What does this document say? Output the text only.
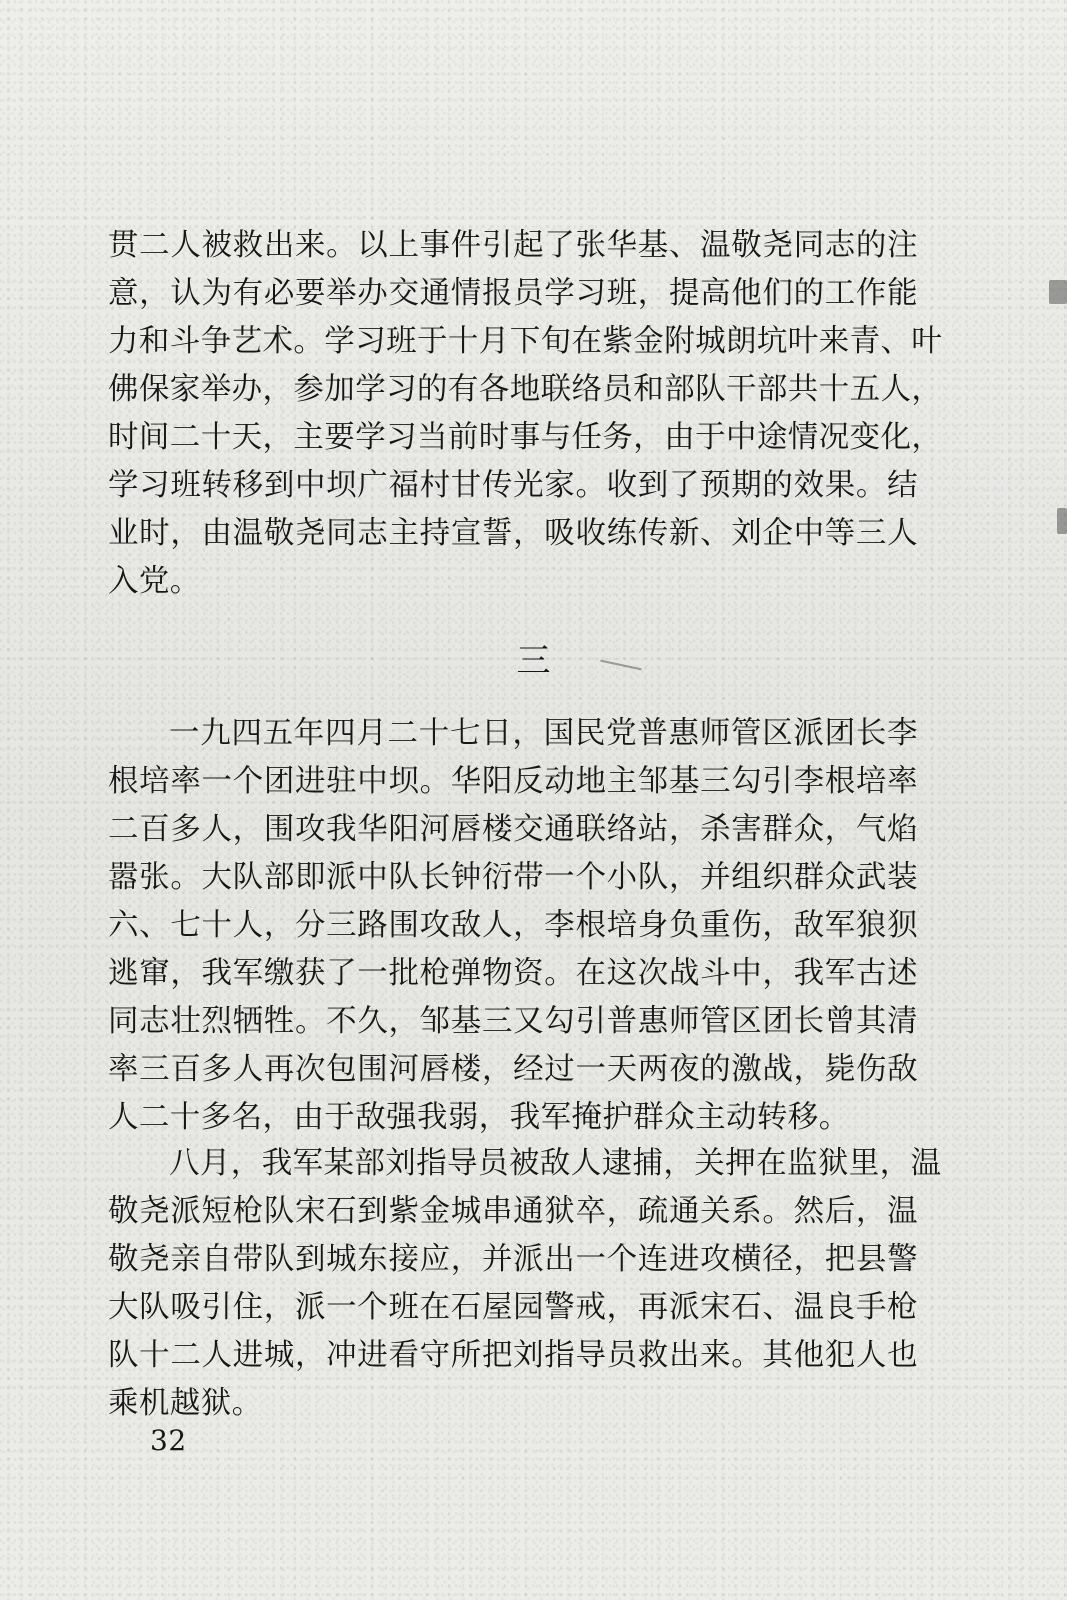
贯二人被救出来。以上事件引起了张华基、温敬尧同志的注
意，认为有必要举办交通情报员学习班，提高他们的工作能
力和斗争艺术。学习班于十月下旬在紫金附城朗坑叶来青、叶
佛保家举办，参加学习的有各地联络员和部队干部共十五人，
时间二十天，主要学习当前时事与任务，由于中途情况变化，
学习班转移到中坝广福村甘传光家。收到了预期的效果。结
业时，由温敬尧同志主持宣誓，吸收练传新、刘企中等三人
入党。
三
一九四五年四月二十七日，国民党普惠师管区派团长李
根培率一个团进驻中坝。华阳反动地主邹基三勾引李根培率
二百多人，围攻我华阳河唇楼交通联络站，杀害群众，气焰
嚣张。大队部即派中队长钟衍带一个小队，并组织群众武装
六、七十人，分三路围攻敌人，李根培身负重伤，敌军狼狈
逃窜，我军缴获了一批枪弹物资。在这次战斗中，我军古述
同志壮烈牺牲。不久，邹基三又勾引普惠师管区团长曾其清
率三百多人再次包围河唇楼，经过一天两夜的激战，毙伤敌
人二十多名，由于敌强我弱，我军掩护群众主动转移。
八月，我军某部刘指导员被敌人逮捕，关押在监狱里，温
敬尧派短枪队宋石到紫金城串通狱卒，疏通关系。然后，温
敬尧亲自带队到城东接应，并派出一个连进攻横径，把县警
大队吸引住，派一个班在石屋园警戒，再派宋石、温良手枪
队十二人进城，冲进看守所把刘指导员救出来。其他犯人也
乘机越狱。
32
